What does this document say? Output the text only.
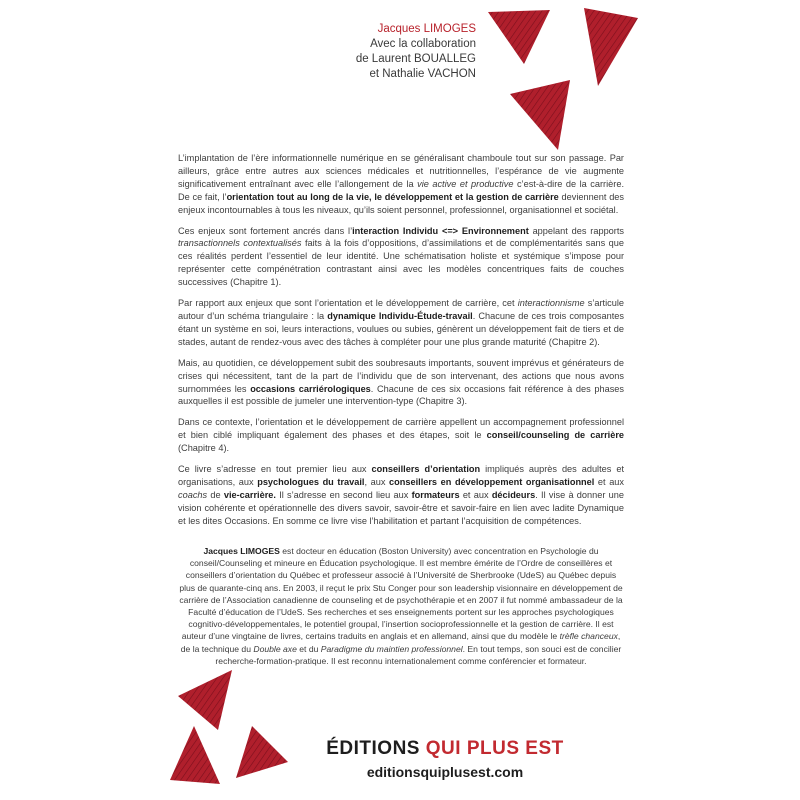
Jacques LIMOGES
Avec la collaboration
de Laurent BOUALLEG
et Nathalie VACHON

L’implantation de l’ère informationnelle numérique en se généralisant chamboule tout sur son passage. Par ailleurs, grâce entre autres aux sciences médicales et nutritionnelles, l’espérance de vie augmente significativement entraînant avec elle l’allongement de la vie active et productive c’est-à-dire de la carrière. De ce fait, l’orientation tout au long de la vie, le développement et la gestion de carrière deviennent des enjeux incontournables à tous les niveaux, qu’ils soient personnel, professionnel, organisationnel et sociétal.

Ces enjeux sont fortement ancrés dans l’interaction Individu <=> Environnement appelant des rapports transactionnels contextualisés faits à la fois d’oppositions, d’assimilations et de complémentarités sans que ces réalités perdent l’essentiel de leur identité. Une schématisation holiste et systémique s’impose pour représenter cette compénétration contrastant ainsi avec les modèles concentriques faits de couches successives (Chapitre 1).

Par rapport aux enjeux que sont l’orientation et le développement de carrière, cet interactionnisme s’articule autour d’un schéma triangulaire : la dynamique Individu-Étude-travail. Chacune de ces trois composantes étant un système en soi, leurs interactions, voulues ou subies, génèrent un développement fait de tiers et de stades, autant de rendez-vous avec des tâches à compléter pour une plus grande maturité (Chapitre 2).

Mais, au quotidien, ce développement subit des soubresauts importants, souvent imprévus et générateurs de crises qui nécessitent, tant de la part de l’individu que de son intervenant, des actions que nous avons surnommées les occasions carriérologiques. Chacune de ces six occasions fait référence à des phases auxquelles il est possible de jumeler une intervention-type (Chapitre 3).

Dans ce contexte, l’orientation et le développement de carrière appellent un accompagnement professionnel et bien ciblé impliquant également des phases et des étapes, soit le conseil/counseling de carrière (Chapitre 4).

Ce livre s’adresse en tout premier lieu aux conseillers d’orientation impliqués auprès des adultes et organisations, aux psychologues du travail, aux conseillers en développement organisationnel et aux coachs de vie-carrière. Il s’adresse en second lieu aux formateurs et aux décideurs. Il vise à donner une vision cohérente et opérationnelle des divers savoir, savoir-être et savoir-faire en lien avec ladite Dynamique et les dites Occasions. En somme ce livre vise l’habilitation et partant l’acquisition de compétences.

Jacques LIMOGES est docteur en éducation (Boston University) avec concentration en Psychologie du conseil/Counseling et mineure en Éducation psychologique. Il est membre émérite de l’Ordre de conseillères et conseillers d’orientation du Québec et professeur associé à l’Université de Sherbrooke (UdeS) au Québec depuis plus de quarante-cinq ans. En 2003, il reçut le prix Stu Conger pour son leadership visionnaire en développement de carrière de l’Association canadienne de counseling et de psychothérapie et en 2007 il fut nommé ambassadeur de la Faculté d’éducation de l’UdeS. Ses recherches et ses enseignements portent sur les approches psychologiques cognitivo-développementales, le potentiel groupal, l’insertion socioprofessionnelle et la gestion de carrière. Il est auteur d’une vingtaine de livres, certains traduits en anglais et en allemand, ainsi que du modèle le trèfle chanceux, de la technique du Double axe et du Paradigme du maintien professionnel. En tout temps, son souci est de concilier recherche-formation-pratique. Il est reconnu internationalement comme conférencier et formateur.
ÉDITIONS QUI PLUS EST
editionsquiplusest.com
